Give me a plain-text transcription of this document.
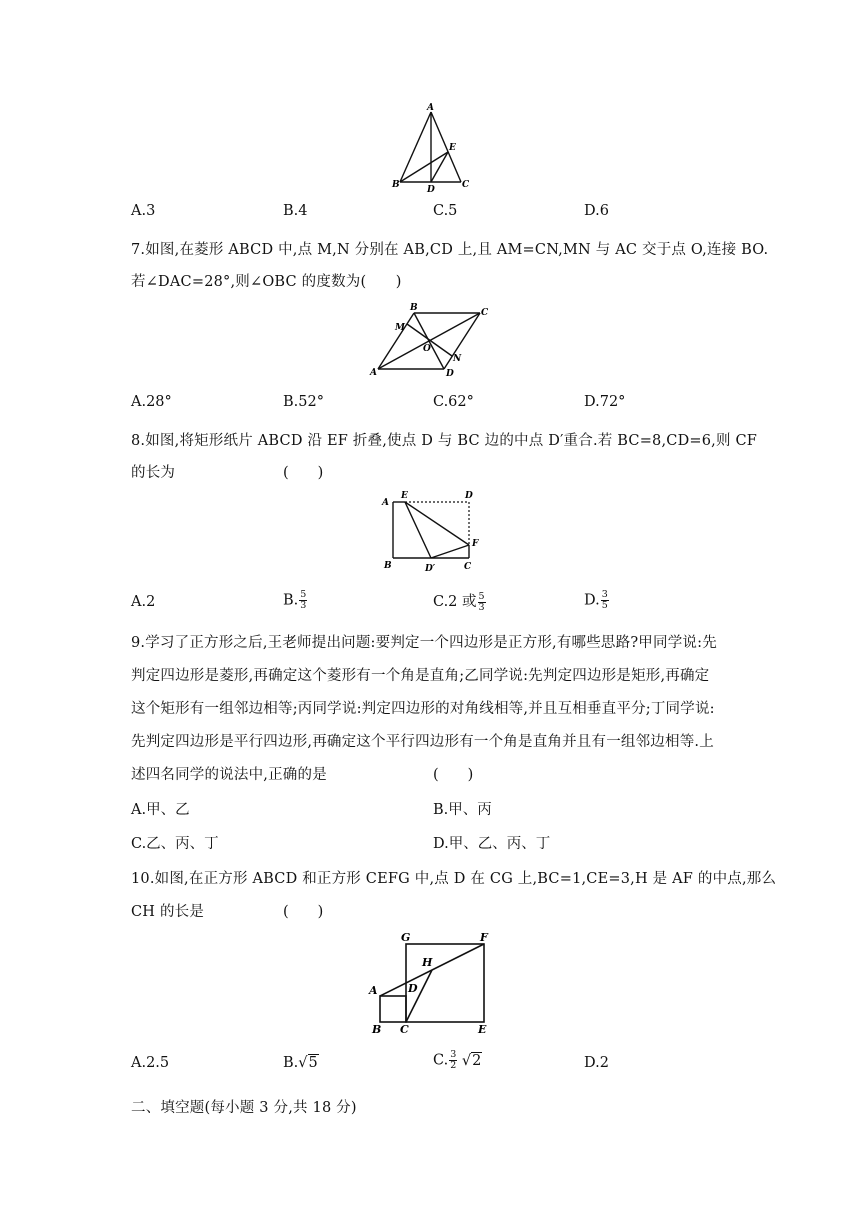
A
E
B	D	C
A.3	B.4	C.5	D.6
7.如图,在菱形 ABCD 中,点 M,N 分别在 AB,CD 上,且 AM=CN,MN 与 AC 交于点 O,连接 BO.
若∠DAC=28°,则∠OBC 的度数为(　　)
B	C
M
O
N
A	D
A.28°	B.52°	C.62°	D.72°
8.如图,将矩形纸片 ABCD 沿 EF 折叠,使点 D 与 BC 边的中点 D′重合.若 BC=8,CD=6,则 CF
的长为	(　　)
A
E	D
F
B	D′	C
A.2	B. $\frac{5}{3}$	C.2 或 $\frac{5}{3}$	D. $\frac{3}{5}$
9.学习了正方形之后,王老师提出问题:要判定一个四边形是正方形,有哪些思路?甲同学说:先
判定四边形是菱形,再确定这个菱形有一个角是直角;乙同学说:先判定四边形是矩形,再确定
这个矩形有一组邻边相等;丙同学说:判定四边形的对角线相等,并且互相垂直平分;丁同学说:
先判定四边形是平行四边形,再确定这个平行四边形有一个角是直角并且有一组邻边相等.上
述四名同学的说法中,正确的是	(　　)
A.甲、乙	B.甲、丙
C.乙、丙、丁	D.甲、乙、丙、丁
10.如图,在正方形 ABCD 和正方形 CEFG 中,点 D 在 CG 上,BC=1,CE=3,H 是 AF 的中点,那么
CH 的长是	(　　)
G	F
H
A	D
B C	E
A.2.5	B.√5	C. $\frac{3}{2} √2$	D.2
二、填空题(每小题 3 分,共 18 分)
